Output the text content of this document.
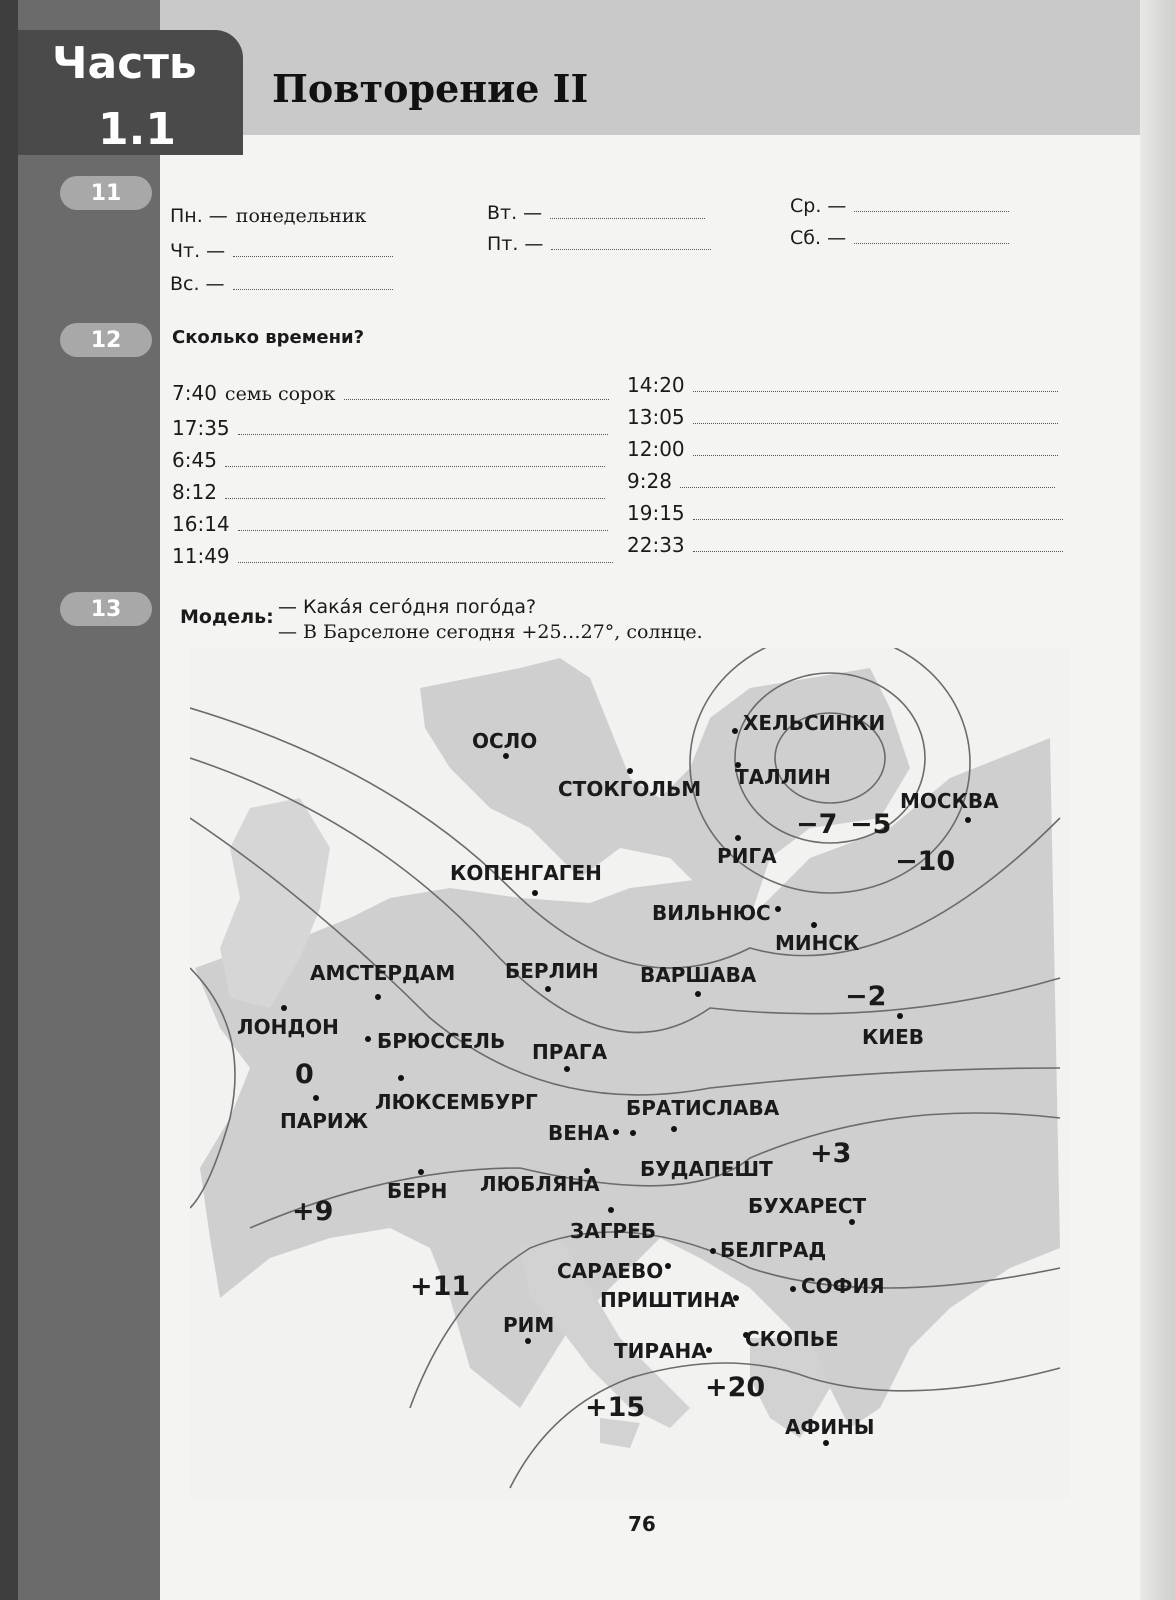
Часть
1.1
Повторение II
11
Пн. — понедельник	Вт. —	Ср. —
Чт. —	Пт. —	Сб. —
Вс. —
12	Сколько времени?
7:40 семь сорок
17:35
6:45
8:12
16:14
11:49
14:20
13:05
12:00
9:28
19:15
22:33
13	Модель: — Кака́я сего́дня пого́да?
— В Барселоне сегодня +25…27°, солнце.
ХЕЛЬСИНКИ
ОСЛО
СТОКГОЛЬМ ТАЛЛИН
МОСКВА
РИГА
КОПЕНГАГЕН
ВИЛЬНЮС
МИНСК
АМСТЕРДАМ БЕРЛИН ВАРШАВА
ЛОНДОН
БРЮССЕЛЬ ПРАГА
КИЕВ
ЛЮКСЕМБУРГ
ПАРИЖ
БРАТИСЛАВА
ВЕНА
БУДАПЕШТ
БЕРН ЛЮБЛЯНА
БУХАРЕСТ
ЗАГРЕБ
БЕЛГРАД
САРАЕВО
СОФИЯ
ПРИШТИНА
РИМ
СКОПЬЕ
ТИРАНА
АФИНЫ
−7 −5
−10
−2
0
+3
+9
+11
+15
+20
76
